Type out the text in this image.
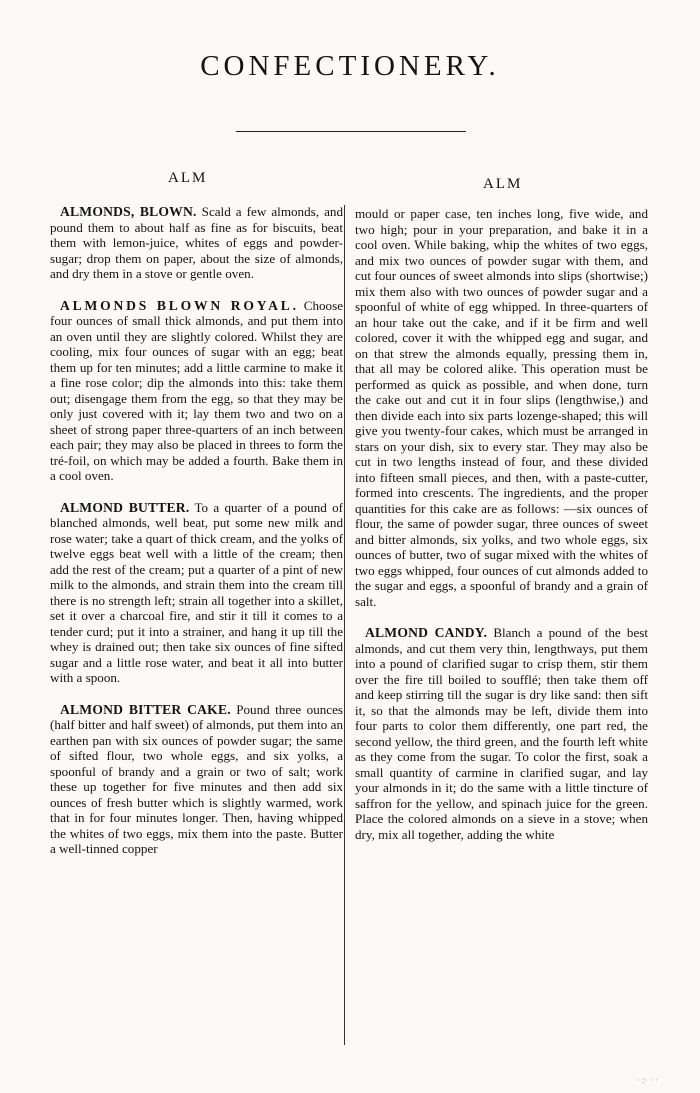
CONFECTIONERY.
ALM	ALM

ALMONDS, BLOWN. Scald a few almonds, and pound them to about half as fine as for biscuits, beat them with lemon-juice, whites of eggs and powder-sugar; drop them on paper, about the size of almonds, and dry them in a stove or gentle oven.

ALMONDS BLOWN ROYAL. Choose four ounces of small thick almonds, and put them into an oven until they are slightly colored. Whilst they are cooling, mix four ounces of sugar with an egg; beat them up for ten minutes; add a little carmine to make it a fine rose color; dip the almonds into this: take them out; disengage them from the egg, so that they may be only just covered with it; lay them two and two on a sheet of strong paper three-quarters of an inch between each pair; they may also be placed in threes to form the tré-foil, on which may be added a fourth. Bake them in a cool oven.

ALMOND BUTTER. To a quarter of a pound of blanched almonds, well beat, put some new milk and rose water; take a quart of thick cream, and the yolks of twelve eggs beat well with a little of the cream; then add the rest of the cream; put a quarter of a pint of new milk to the almonds, and strain them into the cream till there is no strength left; strain all together into a skillet, set it over a charcoal fire, and stir it till it comes to a tender curd; put it into a strainer, and hang it up till the whey is drained out; then take six ounces of fine sifted sugar and a little rose water, and beat it all into butter with a spoon.

ALMOND BITTER CAKE. Pound three ounces (half bitter and half sweet) of almonds, put them into an earthen pan with six ounces of powder sugar; the same of sifted flour, two whole eggs, and six yolks, a spoonful of brandy and a grain or two of salt; work these up together for five minutes and then add six ounces of fresh butter which is slightly warmed, work that in for four minutes longer. Then, having whipped the whites of two eggs, mix them into the paste. Butter a well-tinned copper

mould or paper case, ten inches long, five wide, and two high; pour in your preparation, and bake it in a cool oven. While baking, whip the whites of two eggs, and mix two ounces of powder sugar with them, and cut four ounces of sweet almonds into slips (shortwise;) mix them also with two ounces of powder sugar and a spoonful of white of egg whipped. In three-quarters of an hour take out the cake, and if it be firm and well colored, cover it with the whipped egg and sugar, and on that strew the almonds equally, pressing them in, that all may be colored alike. This operation must be performed as quick as possible, and when done, turn the cake out and cut it in four slips (lengthwise,) and then divide each into six parts lozenge-shaped; this will give you twenty-four cakes, which must be arranged in stars on your dish, six to every star. They may also be cut in two lengths instead of four, and these divided into fifteen small pieces, and then, with a paste-cutter, formed into crescents. The ingredients, and the proper quantities for this cake are as follows: —six ounces of flour, the same of powder sugar, three ounces of sweet and bitter almonds, six yolks, and two whole eggs, six ounces of butter, two of sugar mixed with the whites of two eggs whipped, four ounces of cut almonds added to the sugar and eggs, a spoonful of brandy and a grain of salt.

ALMOND CANDY. Blanch a pound of the best almonds, and cut them very thin, lengthways, put them into a pound of clarified sugar to crisp them, stir them over the fire till boiled to soufflé; then take them off and keep stirring till the sugar is dry like sand: then sift it, so that the almonds may be left, divide them into four parts to color them differently, one part red, the second yellow, the third green, and the fourth left white as they come from the sugar. To color the first, soak a small quantity of carmine in clarified sugar, and lay your almonds in it; do the same with a little tincture of saffron for the yellow, and spinach juice for the green. Place the colored almonds on a sieve in a stove; when dry, mix all together, adding the white

· :· · ·
